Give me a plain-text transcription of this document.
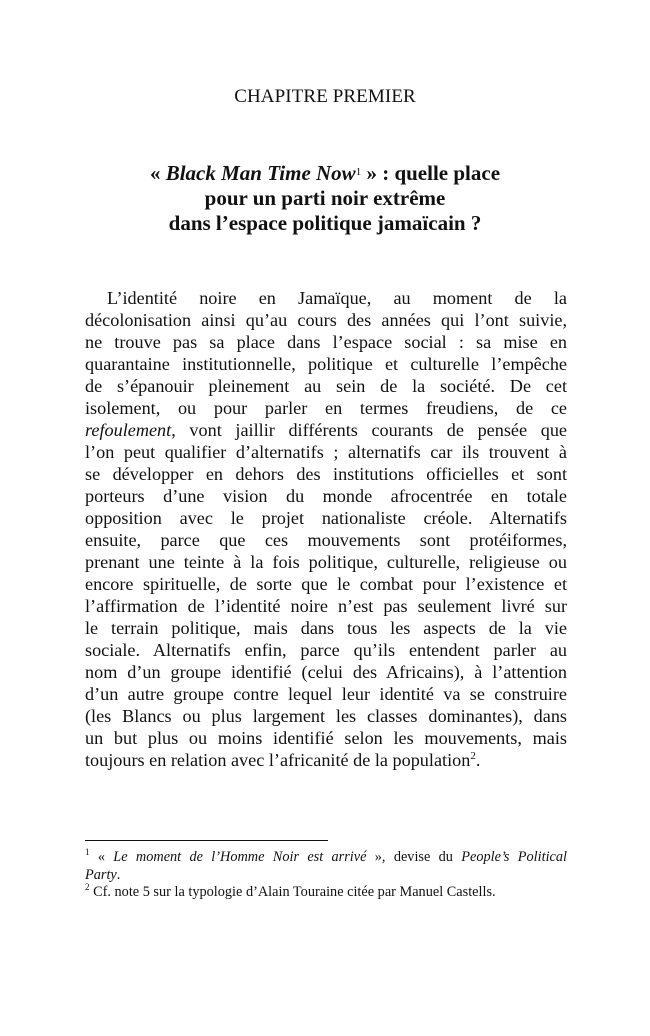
CHAPITRE PREMIER
« Black Man Time Now$^1$ » : quelle place
pour un parti noir extrême
dans l’espace politique jamaïcain ?
L’identité noire en Jamaïque, au moment de la
décolonisation ainsi qu’au cours des années qui l’ont suivie,
ne trouve pas sa place dans l’espace social : sa mise en
quarantaine institutionnelle, politique et culturelle l’empêche
de s’épanouir pleinement au sein de la société. De cet
isolement, ou pour parler en termes freudiens, de ce
refoulement, vont jaillir différents courants de pensée que
l’on peut qualifier d’alternatifs ; alternatifs car ils trouvent à
se développer en dehors des institutions officielles et sont
porteurs d’une vision du monde afrocentrée en totale
opposition avec le projet nationaliste créole. Alternatifs
ensuite, parce que ces mouvements sont protéiformes,
prenant une teinte à la fois politique, culturelle, religieuse ou
encore spirituelle, de sorte que le combat pour l’existence et
l’affirmation de l’identité noire n’est pas seulement livré sur
le terrain politique, mais dans tous les aspects de la vie
sociale. Alternatifs enfin, parce qu’ils entendent parler au
nom d’un groupe identifié (celui des Africains), à l’attention
d’un autre groupe contre lequel leur identité va se construire
(les Blancs ou plus largement les classes dominantes), dans
un but plus ou moins identifié selon les mouvements, mais
toujours en relation avec l’africanité de la population$^2$.
$^1$ « Le moment de l’Homme Noir est arrivé », devise du People’s Political
Party.
$^2$ Cf. note 5 sur la typologie d’Alain Touraine citée par Manuel Castells.
